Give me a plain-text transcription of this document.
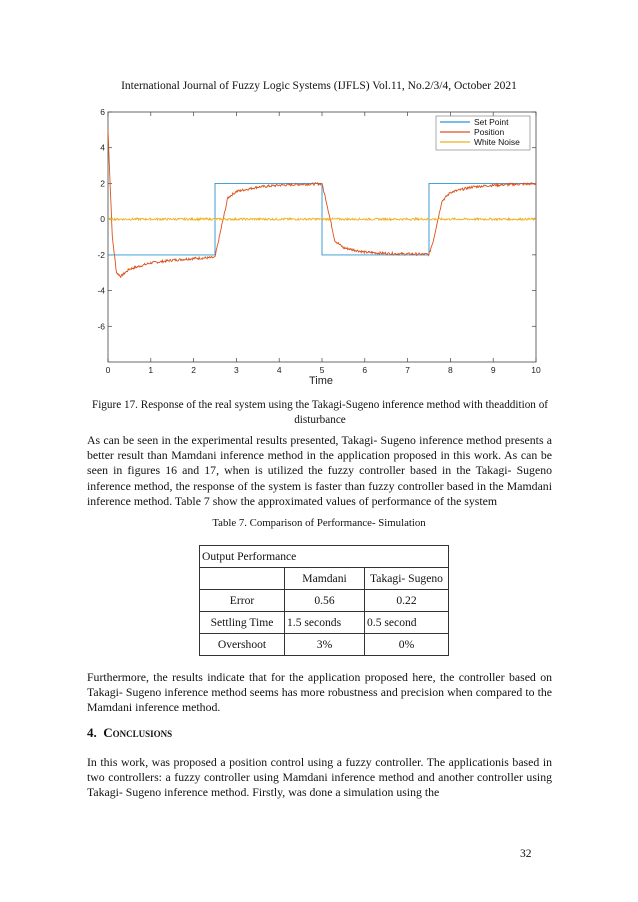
International Journal of Fuzzy Logic Systems (IJFLS) Vol.11, No.2/3/4, October 2021
0	1	2	3	4	5	6	7	8	9	10
-6
-4
-2
0
2
4
6
Time
Set Point
Position
White Noise
Figure 17. Response of the real system using the Takagi-Sugeno inference method with theaddition of disturbance
As can be seen in the experimental results presented, Takagi- Sugeno inference method presents a better result than Mamdani inference method in the application proposed in this work. As can be seen in figures 16 and 17, when is utilized the fuzzy controller based in the Takagi- Sugeno inference method, the response of the system is faster than fuzzy controller based in the Mamdani inference method. Table 7 show the approximated values of performance of the system
Table 7. Comparison of Performance- Simulation
Output Performance		
	Mamdani	Takagi- Sugeno
Error	0.56	0.22
Settling Time	1.5 seconds	0.5 second
Overshoot	3%	0%
Furthermore, the results indicate that for the application proposed here, the controller based on Takagi- Sugeno inference method seems has more robustness and precision when compared to the Mamdani inference method.
4. Conclusions
In this work, was proposed a position control using a fuzzy controller. The applicationis based in two controllers: a fuzzy controller using Mamdani inference method and another controller using Takagi- Sugeno inference method. Firstly, was done a simulation using the
32
